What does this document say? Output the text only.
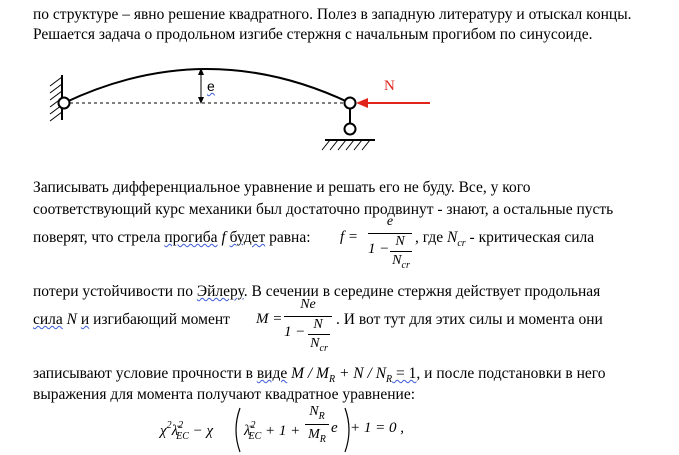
по структуре – явно решение квадратного. Полез в западную литературу и отыскал концы.
Решается задача о продольном изгибе стержня с начальным прогибом по синусоиде.
e	N
Записывать дифференциальное уравнение и решать его не буду. Все, у кого
соответствующий курс механики был достаточно продвинут - знают, а остальные пусть
поверят, что стрела прогиба f будет равна: f =
e
1 − N
$N_{cr}$
, где $N_{cr}$ - критическая сила
потери устойчивости по Эйлеру. В сечении в середине стержня действует продольная
сила N и изгибающий момент M =
Ne
1 − N
$N_{cr}$
. И вот тут для этих силы и момента они
записывают условие прочности в виде $M / M_R + N / N_R = 1$, и после подстановки в него
выражения для момента получают квадратное уравнение:
$\chi^2\lambdā^2_{EC} - \chi$ λ̄$^2_{EC}$ + 1 +
$N_R$
$M_R$
e + 1 = 0 ,
